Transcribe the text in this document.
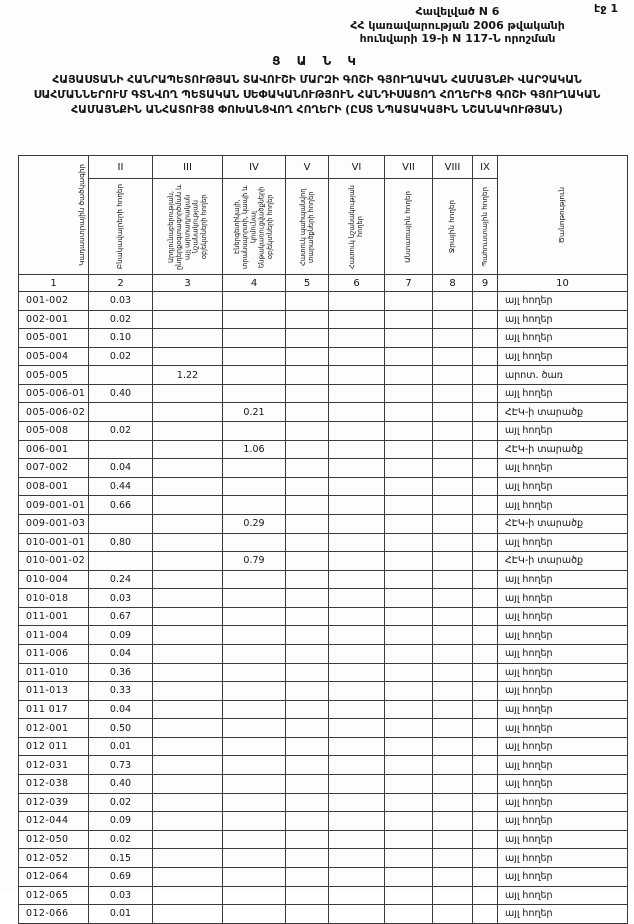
էջ 1
Հավելված N 6
ՀՀ կառավարության 2006 թվականի
հունվարի 19-ի N 117-Ն որոշման
Ց Ա Ն Կ
ՀԱՅԱՍՏԱՆԻ ՀԱՆՐԱՊԵՏՈՒԹՅԱՆ ՏԱՎՈՒՇԻ ՄԱՐԶԻ ԳՈՇԻ ԳՅՈՒՂԱԿԱՆ ՀԱՄԱՅՆՔԻ ՎԱՐՉԱԿԱՆ ՍԱՀՄԱՆՆԵՐՈՒՄ ԳՏՆՎՈՂ ՊԵՏԱԿԱՆ ՍԵՓԱԿԱՆՈՒԹՅՈՒՆ ՀԱՆԴԻՍԱՑՈՂ ՀՈՂԵՐԻՑ ԳՈՇԻ ԳՅՈՒՂԱԿԱՆ ՀԱՄԱՅՆՔԻՆ ԱՆՀԱՏՈՒՅՑ ՓՈԽԱՆՑՎՈՂ ՀՈՂԵՐԻ (ԸՍՏ ՆՊԱՏԱԿԱՅԻՆ ՆՇԱՆԱԿՈՒԹՅԱՆ)
Կադաստրային ծածկագիր	II	III	IV	V	VI	VII	VIII	IX	Ծանոթություն

	Բնակավայրերի հողեր	Արդյունաբերության, ընդերքօգտագործման և այլ արտադրական նշանակության օբյեկտների հողեր	Էներգետիկայի, տրանսպորտի, կապի և կոմունալ ենթակառուցվածքների օբյեկտների հողեր	Հատուկ պահպանվող տարածքների հողեր	Հատուկ նշանակության հողեր	Անտառային հողեր	Ջրային հողեր	Պահուստային հողեր	

1	2	3	4	5	6	7	8	9	10
001-002	0.03								այլ հողեր
002-001	0.02								այլ հողեր
005-001	0.10								այլ հողեր
005-004	0.02								այլ հողեր
005-005		1.22							արոտ. ծառ
005-006-01	0.40								այլ հողեր
005-006-02			0.21						ՀԷԿ-ի տարածք
005-008	0.02								այլ հողեր
006-001			1.06						ՀԷԿ-ի տարածք
007-002	0.04								այլ հողեր
008-001	0.44								այլ հողեր
009-001-01	0.66								այլ հողեր
009-001-03			0.29						ՀԷԿ-ի տարածք
010-001-01	0.80								այլ հողեր
010-001-02			0.79						ՀԷԿ-ի տարածք
010-004	0.24								այլ հողեր
010-018	0.03								այլ հողեր
011-001	0.67								այլ հողեր
011-004	0.09								այլ հողեր
011-006	0.04								այլ հողեր
011-010	0.36								այլ հողեր
011-013	0.33								այլ հողեր
011 017	0.04								այլ հողեր
012-001	0.50								այլ հողեր
012 011	0.01								այլ հողեր
012-031	0.73								այլ հողեր
012-038	0.40								այլ հողեր
012-039	0.02								այլ հողեր
012-044	0.09								այլ հողեր
012-050	0.02								այլ հողեր
012-052	0.15								այլ հողեր
012-064	0.69								այլ հողեր
012-065	0.03								այլ հողեր
012-066	0.01								այլ հողեր
